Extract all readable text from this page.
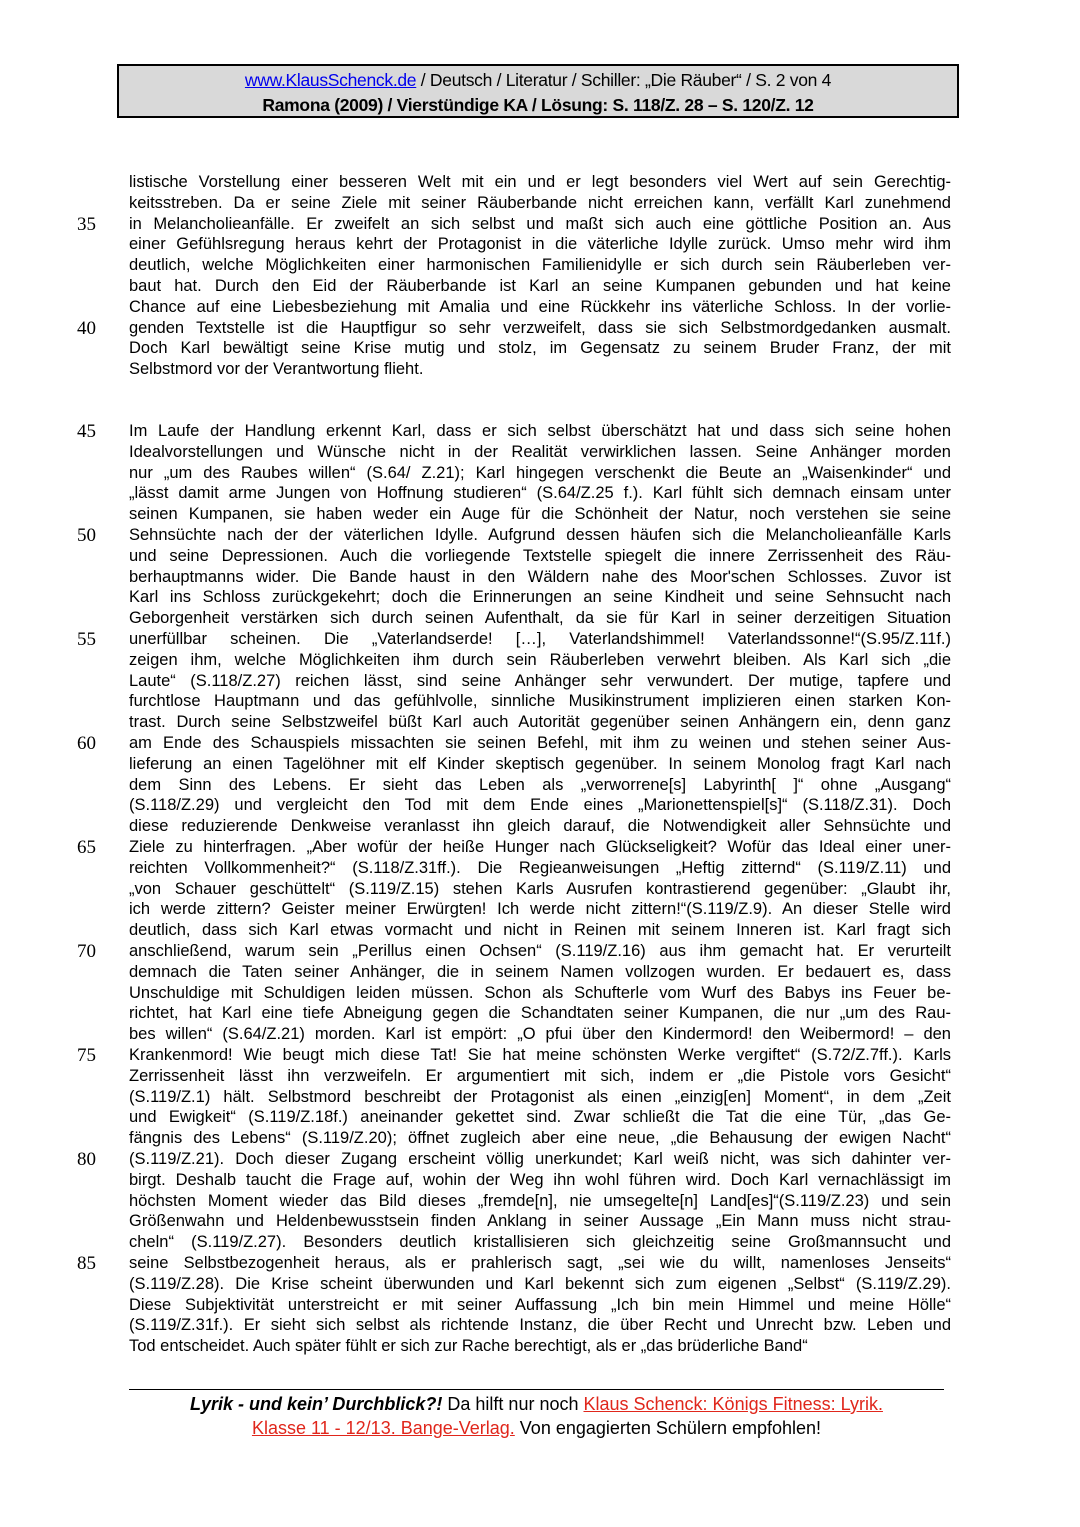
www.KlausSchenck.de / Deutsch / Literatur / Schiller: „Die Räuber“ / S. 2 von 4
Ramona (2009) / Vierstündige KA / Lösung: S. 118/Z. 28 – S. 120/Z. 12
listische Vorstellung einer besseren Welt mit ein und er legt besonders viel Wert auf sein Gerechtig-
keitsstreben. Da er seine Ziele mit seiner Räuberbande nicht erreichen kann, verfällt Karl zunehmend
35 in Melancholieanfälle. Er zweifelt an sich selbst und maßt sich auch eine göttliche Position an. Aus
einer Gefühlsregung heraus kehrt der Protagonist in die väterliche Idylle zurück. Umso mehr wird ihm
deutlich, welche Möglichkeiten einer harmonischen Familienidylle er sich durch sein Räuberleben ver-
baut hat. Durch den Eid der Räuberbande ist Karl an seine Kumpanen gebunden und hat keine
Chance auf eine Liebesbeziehung mit Amalia und eine Rückkehr ins väterliche Schloss. In der vorlie-
40 genden Textstelle ist die Hauptfigur so sehr verzweifelt, dass sie sich Selbstmordgedanken ausmalt.
Doch Karl bewältigt seine Krise mutig und stolz, im Gegensatz zu seinem Bruder Franz, der mit
Selbstmord vor der Verantwortung flieht.
45 Im Laufe der Handlung erkennt Karl, dass er sich selbst überschätzt hat und dass sich seine hohen
Idealvorstellungen und Wünsche nicht in der Realität verwirklichen lassen. Seine Anhänger morden
nur „um des Raubes willen“ (S.64/ Z.21); Karl hingegen verschenkt die Beute an „Waisenkinder“ und
„lässt damit arme Jungen von Hoffnung studieren“ (S.64/Z.25 f.). Karl fühlt sich demnach einsam unter
seinen Kumpanen, sie haben weder ein Auge für die Schönheit der Natur, noch verstehen sie seine
50 Sehnsüchte nach der der väterlichen Idylle. Aufgrund dessen häufen sich die Melancholieanfälle Karls
und seine Depressionen. Auch die vorliegende Textstelle spiegelt die innere Zerrissenheit des Räu-
berhauptmanns wider. Die Bande haust in den Wäldern nahe des Moor'schen Schlosses. Zuvor ist
Karl ins Schloss zurückgekehrt; doch die Erinnerungen an seine Kindheit und seine Sehnsucht nach
Geborgenheit verstärken sich durch seinen Aufenthalt, da sie für Karl in seiner derzeitigen Situation
55 unerfüllbar scheinen. Die „Vaterlandserde! […], Vaterlandshimmel! Vaterlandssonne!“(S.95/Z.11f.)
zeigen ihm, welche Möglichkeiten ihm durch sein Räuberleben verwehrt bleiben. Als Karl sich „die
Laute“ (S.118/Z.27) reichen lässt, sind seine Anhänger sehr verwundert. Der mutige, tapfere und
furchtlose Hauptmann und das gefühlvolle, sinnliche Musikinstrument implizieren einen starken Kon-
trast. Durch seine Selbstzweifel büßt Karl auch Autorität gegenüber seinen Anhängern ein, denn ganz
60 am Ende des Schauspiels missachten sie seinen Befehl, mit ihm zu weinen und stehen seiner Aus-
lieferung an einen Tagelöhner mit elf Kinder skeptisch gegenüber. In seinem Monolog fragt Karl nach
dem Sinn des Lebens. Er sieht das Leben als „verworrene[s] Labyrinth[ ]“ ohne „Ausgang“
(S.118/Z.29) und vergleicht den Tod mit dem Ende eines „Marionettenspiel[s]“ (S.118/Z.31). Doch
diese reduzierende Denkweise veranlasst ihn gleich darauf, die Notwendigkeit aller Sehnsüchte und
65 Ziele zu hinterfragen. „Aber wofür der heiße Hunger nach Glückseligkeit? Wofür das Ideal einer uner-
reichten Vollkommenheit?“ (S.118/Z.31ff.). Die Regieanweisungen „Heftig zitternd“ (S.119/Z.11) und
„von Schauer geschüttelt“ (S.119/Z.15) stehen Karls Ausrufen kontrastierend gegenüber: „Glaubt ihr,
ich werde zittern? Geister meiner Erwürgten! Ich werde nicht zittern!“(S.119/Z.9). An dieser Stelle wird
deutlich, dass sich Karl etwas vormacht und nicht in Reinen mit seinem Inneren ist. Karl fragt sich
70 anschließend, warum sein „Perillus einen Ochsen“ (S.119/Z.16) aus ihm gemacht hat. Er verurteilt
demnach die Taten seiner Anhänger, die in seinem Namen vollzogen wurden. Er bedauert es, dass
Unschuldige mit Schuldigen leiden müssen. Schon als Schufterle vom Wurf des Babys ins Feuer be-
richtet, hat Karl eine tiefe Abneigung gegen die Schandtaten seiner Kumpanen, die nur „um des Rau-
bes willen“ (S.64/Z.21) morden. Karl ist empört: „O pfui über den Kindermord! den Weibermord! – den
75 Krankenmord! Wie beugt mich diese Tat! Sie hat meine schönsten Werke vergiftet“ (S.72/Z.7ff.). Karls
Zerrissenheit lässt ihn verzweifeln. Er argumentiert mit sich, indem er „die Pistole vors Gesicht“
(S.119/Z.1) hält. Selbstmord beschreibt der Protagonist als einen „einzig[en] Moment“, in dem „Zeit
und Ewigkeit“ (S.119/Z.18f.) aneinander gekettet sind. Zwar schließt die Tat die eine Tür, „das Ge-
fängnis des Lebens“ (S.119/Z.20); öffnet zugleich aber eine neue, „die Behausung der ewigen Nacht“
80 (S.119/Z.21). Doch dieser Zugang erscheint völlig unerkundet; Karl weiß nicht, was sich dahinter ver-
birgt. Deshalb taucht die Frage auf, wohin der Weg ihn wohl führen wird. Doch Karl vernachlässigt im
höchsten Moment wieder das Bild dieses „fremde[n], nie umsegelte[n] Land[es]“(S.119/Z.23) und sein
Größenwahn und Heldenbewusstsein finden Anklang in seiner Aussage „Ein Mann muss nicht strau-
cheln“ (S.119/Z.27). Besonders deutlich kristallisieren sich gleichzeitig seine Großmannsucht und
85 seine Selbstbezogenheit heraus, als er prahlerisch sagt, „sei wie du willt, namenloses Jenseits“
(S.119/Z.28). Die Krise scheint überwunden und Karl bekennt sich zum eigenen „Selbst“ (S.119/Z.29).
Diese Subjektivität unterstreicht er mit seiner Auffassung „Ich bin mein Himmel und meine Hölle“
(S.119/Z.31f.). Er sieht sich selbst als richtende Instanz, die über Recht und Unrecht bzw. Leben und
Tod entscheidet. Auch später fühlt er sich zur Rache berechtigt, als er „das brüderliche Band“
Lyrik - und kein’ Durchblick?! Da hilft nur noch Klaus Schenck: Königs Fitness: Lyrik.
Klasse 11 - 12/13. Bange-Verlag. Von engagierten Schülern empfohlen!
